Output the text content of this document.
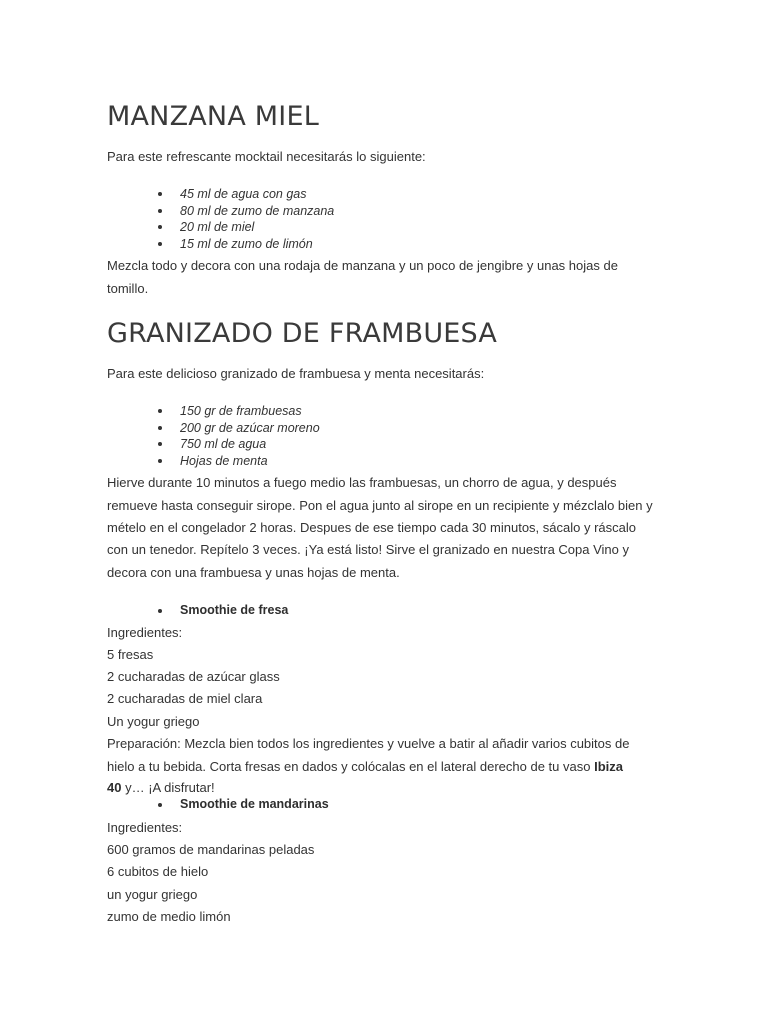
MANZANA MIEL

Para este refrescante mocktail necesitarás lo siguiente:

45 ml de agua con gas
80 ml de zumo de manzana
20 ml de miel
15 ml de zumo de limón
Mezcla todo y decora con una rodaja de manzana y un poco de jengibre y unas hojas de
tomillo.
GRANIZADO DE FRAMBUESA

Para este delicioso granizado de frambuesa y menta necesitarás:

150 gr de frambuesas
200 gr de azúcar moreno
750 ml de agua
Hojas de menta
Hierve durante 10 minutos a fuego medio las frambuesas, un chorro de agua, y después
remueve hasta conseguir sirope. Pon el agua junto al sirope en un recipiente y mézclalo bien y
mételo en el congelador 2 horas. Despues de ese tiempo cada 30 minutos, sácalo y ráscalo
con un tenedor. Repítelo 3 veces. ¡Ya está listo! Sirve el granizado en nuestra Copa Vino y
decora con una frambuesa y unas hojas de menta.
Smoothie de fresa
Ingredientes:
5 fresas
2 cucharadas de azúcar glass
2 cucharadas de miel clara
Un yogur griego
Preparación: Mezcla bien todos los ingredientes y vuelve a batir al añadir varios cubitos de
hielo a tu bebida. Corta fresas en dados y colócalas en el lateral derecho de tu vaso Ibiza
40 y… ¡A disfrutar!
Smoothie de mandarinas
Ingredientes:
600 gramos de mandarinas peladas
6 cubitos de hielo
un yogur griego
zumo de medio limón
